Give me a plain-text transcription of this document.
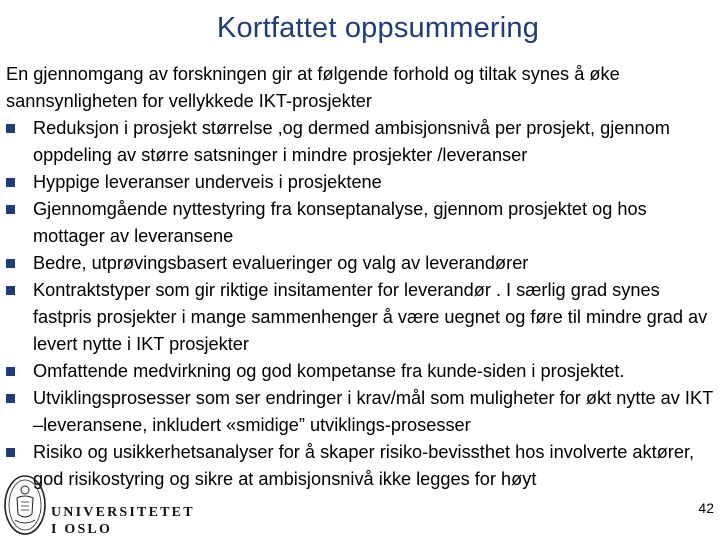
Kortfattet oppsummering

En gjennomgang av forskningen gir at følgende forhold og tiltak synes å øke sannsynligheten for vellykkede IKT-prosjekter

Reduksjon i prosjekt størrelse ,og dermed ambisjonsnivå per prosjekt, gjennom oppdeling av større satsninger i mindre prosjekter /leveranser
Hyppige leveranser underveis i prosjektene
Gjennomgående nyttestyring fra konseptanalyse, gjennom prosjektet og hos mottager av leveransene
Bedre, utprøvingsbasert evalueringer og valg av leverandører
Kontraktstyper som gir riktige insitamenter for leverandør . I særlig grad synes fastpris prosjekter i mange sammenhenger å være uegnet og føre til mindre grad av levert nytte i IKT prosjekter
Omfattende medvirkning og god kompetanse fra kunde-siden i prosjektet.
Utviklingsprosesser som ser endringer i krav/mål som muligheter for økt nytte av IKT –leveransene, inkludert «smidige” utviklings-prosesser
Risiko og usikkerhetsanalyser for å skaper risiko-bevissthet hos involverte aktører, god risikostyring og sikre at ambisjonsnivå ikke legges for høyt
UNIVERSITETET
I OSLO
42
